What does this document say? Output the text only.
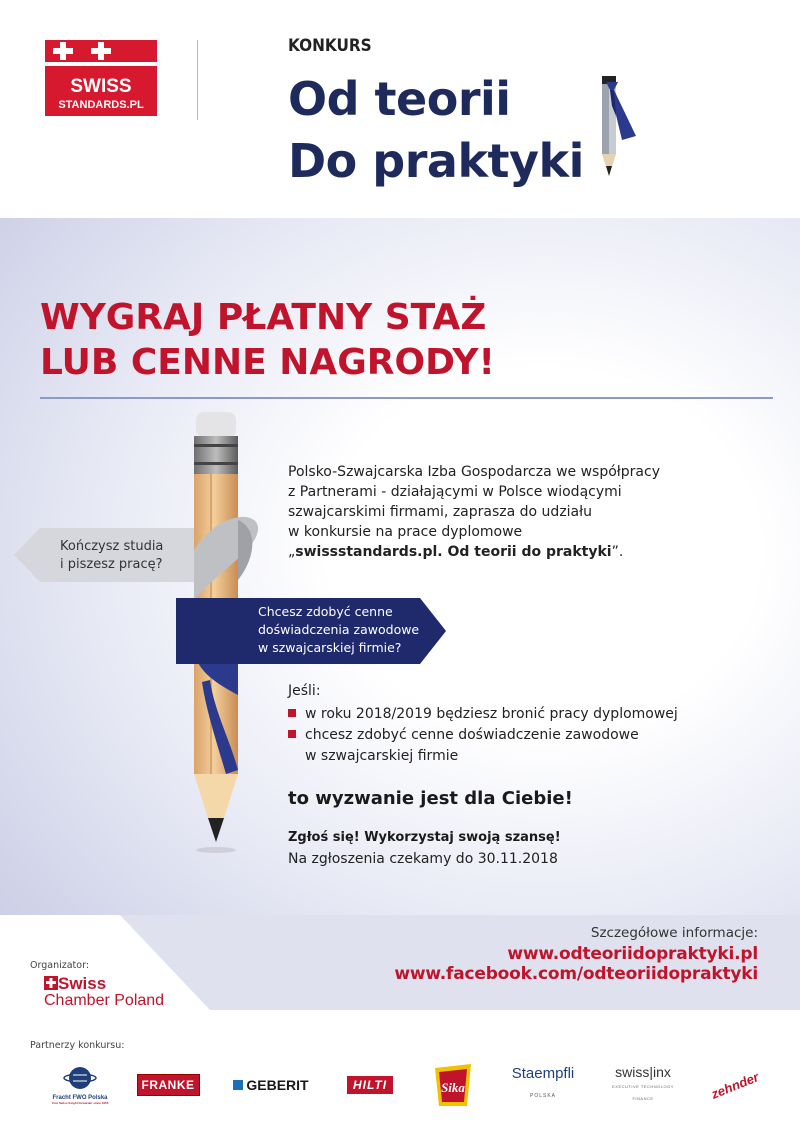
SWISS
STANDARDS.PL
KONKURS
Od teorii
Do praktyki
WYGRAJ PŁATNY STAŻ
LUB CENNE NAGRODY!
Kończysz studia
i piszesz pracę?
Chcesz zdobyć cenne
doświadczenia zawodowe
w szwajcarskiej firmie?
Polsko-Szwajcarska Izba Gospodarcza we współpracy
z Partnerami - działającymi w Polsce wiodącymi
szwajcarskimi firmami, zaprasza do udziału
w konkursie na prace dyplomowe
„swissstandards.pl. Od teorii do praktyki”.
Jeśli:
w roku 2018/2019 będziesz bronić pracy dyplomowej
chcesz zdobyć cenne doświadczenie zawodowe
w szwajcarskiej firmie
to wyzwanie jest dla Ciebie!
Zgłoś się! Wykorzystaj swoją szansę!
Na zgłoszenia czekamy do 30.11.2018
Szczegółowe informacje:
www.odteoriidopraktyki.pl
www.facebook.com/odteoriidopraktyki
Organizator:
Swiss
Chamber Poland
Partnerzy konkursu:
Fracht FWO Polska
Your Swiss freight forwarder since 1955
FRANKE	GEBERIT	HILTI	Sika
Staempfli
POLSKA
swiss|inx
EXECUTIVE TECHNOLOGY FINANCE	zehnder
